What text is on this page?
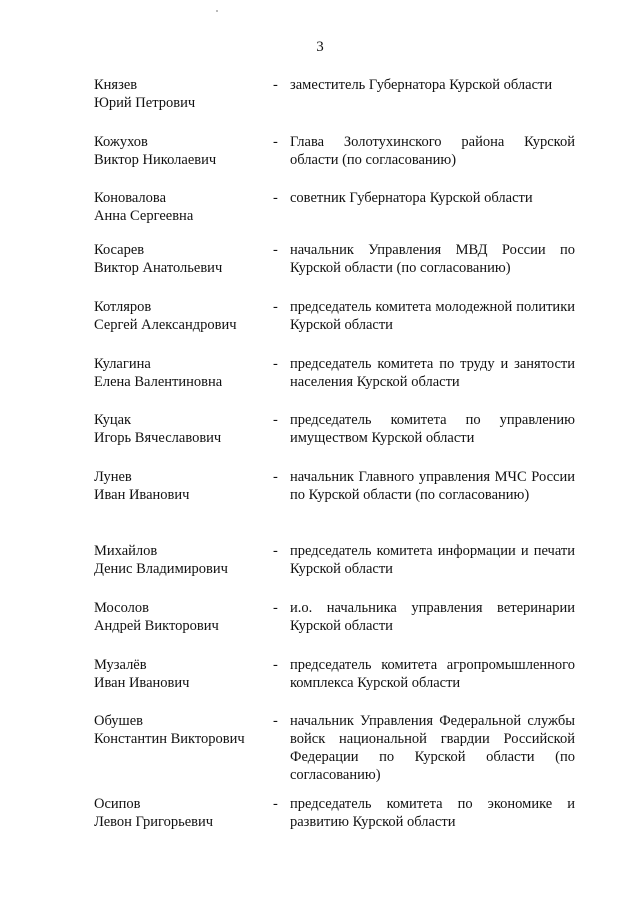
3
Князев
Юрий Петрович
- заместитель Губернатора Курской области
Кожухов
Виктор Николаевич
- Глава Золотухинского района Курской области (по согласованию)
Коновалова
Анна Сергеевна
- советник Губернатора Курской области
Косарев
Виктор Анатольевич
- начальник Управления МВД России по Курской области (по согласованию)
Котляров
Сергей Александрович
- председатель комитета молодежной политики Курской области
Кулагина
Елена Валентиновна
- председатель комитета по труду и занятости населения Курской области
Куцак
Игорь Вячеславович
- председатель комитета по управлению имуществом Курской области
Лунев
Иван Иванович
- начальник Главного управления МЧС России по Курской области (по согласованию)
Михайлов
Денис Владимирович
- председатель комитета информации и печати Курской области
Мосолов
Андрей Викторович
- и.о. начальника управления ветеринарии Курской области
Музалёв
Иван Иванович
- председатель комитета агропромышленного комплекса Курской области
Обушев
Константин Викторович
- начальник Управления Федеральной службы войск национальной гвардии Российской Федерации по Курской области (по согласованию)
Осипов
Левон Григорьевич
- председатель комитета по экономике и развитию Курской области
